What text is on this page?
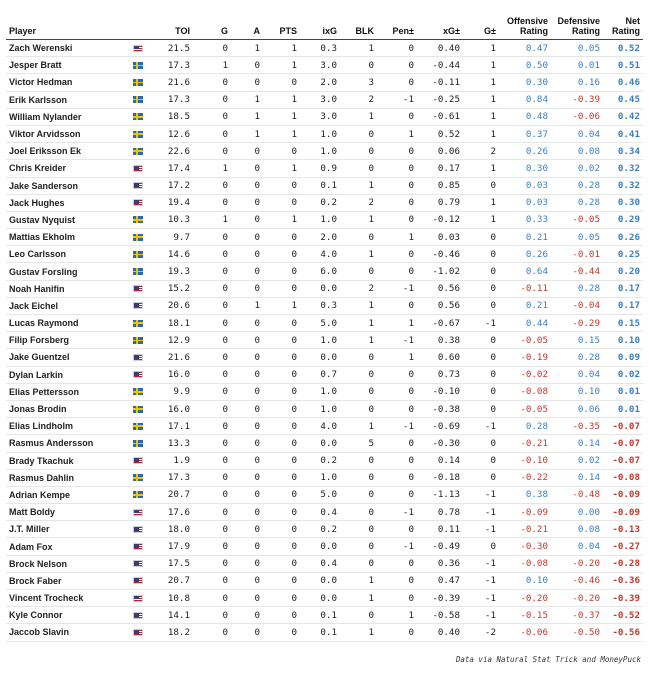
Player		TOI	G	A	PTS	ixG	BLK	Pen±	xG±	G±	Offensive Rating	Defensive Rating	Net Rating
Zach Werenski		21.5	0	1	1	0.3	1	0	0.40	1	0.47	0.05	0.52
Jesper Bratt		17.3	1	0	1	3.0	0	0	-0.44	1	0.50	0.01	0.51
Victor Hedman		21.6	0	0	0	2.0	3	0	-0.11	1	0.30	0.16	0.46
Erik Karlsson		17.3	0	1	1	3.0	2	-1	-0.25	1	0.84	-0.39	0.45
William Nylander		18.5	0	1	1	3.0	1	0	-0.61	1	0.48	-0.06	0.42
Viktor Arvidsson		12.6	0	1	1	1.0	0	1	0.52	1	0.37	0.04	0.41
Joel Eriksson Ek		22.6	0	0	0	1.0	0	0	0.06	2	0.26	0.08	0.34
Chris Kreider		17.4	1	0	1	0.9	0	0	0.17	1	0.30	0.02	0.32
Jake Sanderson		17.2	0	0	0	0.1	1	0	0.85	0	0.03	0.28	0.32
Jack Hughes		19.4	0	0	0	0.2	2	0	0.79	1	0.03	0.28	0.30
Gustav Nyquist		10.3	1	0	1	1.0	1	0	-0.12	1	0.33	-0.05	0.29
Mattias Ekholm		9.7	0	0	0	2.0	0	1	0.03	0	0.21	0.05	0.26
Leo Carlsson		14.6	0	0	0	4.0	1	0	-0.46	0	0.26	-0.01	0.25
Gustav Forsling		19.3	0	0	0	6.0	0	0	-1.02	0	0.64	-0.44	0.20
Noah Hanifin		15.2	0	0	0	0.0	2	-1	0.56	0	-0.11	0.28	0.17
Jack Eichel		20.6	0	1	1	0.3	1	0	0.56	0	0.21	-0.04	0.17
Lucas Raymond		18.1	0	0	0	5.0	1	1	-0.67	-1	0.44	-0.29	0.15
Filip Forsberg		12.9	0	0	0	1.0	1	-1	0.38	0	-0.05	0.15	0.10
Jake Guentzel		21.6	0	0	0	0.0	0	1	0.60	0	-0.19	0.28	0.09
Dylan Larkin		16.0	0	0	0	0.7	0	0	0.73	0	-0.02	0.04	0.02
Elias Pettersson		9.9	0	0	0	1.0	0	0	-0.10	0	-0.08	0.10	0.01
Jonas Brodin		16.0	0	0	0	1.0	0	0	-0.38	0	-0.05	0.06	0.01
Elias Lindholm		17.1	0	0	0	4.0	1	-1	-0.69	-1	0.28	-0.35	-0.07
Rasmus Andersson		13.3	0	0	0	0.0	5	0	-0.30	0	-0.21	0.14	-0.07
Brady Tkachuk		1.9	0	0	0	0.2	0	0	0.14	0	-0.10	0.02	-0.07
Rasmus Dahlin		17.3	0	0	0	1.0	0	0	-0.18	0	-0.22	0.14	-0.08
Adrian Kempe		20.7	0	0	0	5.0	0	0	-1.13	-1	0.38	-0.48	-0.09
Matt Boldy		17.6	0	0	0	0.4	0	-1	0.78	-1	-0.09	0.00	-0.09
J.T. Miller		18.0	0	0	0	0.2	0	0	0.11	-1	-0.21	0.08	-0.13
Adam Fox		17.9	0	0	0	0.0	0	-1	-0.49	0	-0.30	0.04	-0.27
Brock Nelson		17.5	0	0	0	0.4	0	0	0.36	-1	-0.08	-0.20	-0.28
Brock Faber		20.7	0	0	0	0.0	1	0	0.47	-1	0.10	-0.46	-0.36
Vincent Trocheck		10.8	0	0	0	0.0	1	0	-0.39	-1	-0.20	-0.20	-0.39
Kyle Connor		14.1	0	0	0	0.1	0	1	-0.58	-1	-0.15	-0.37	-0.52
Jaccob Slavin		18.2	0	0	0	0.1	1	0	0.40	-2	-0.06	-0.50	-0.56
Data via Natural Stat Trick and MoneyPuck
